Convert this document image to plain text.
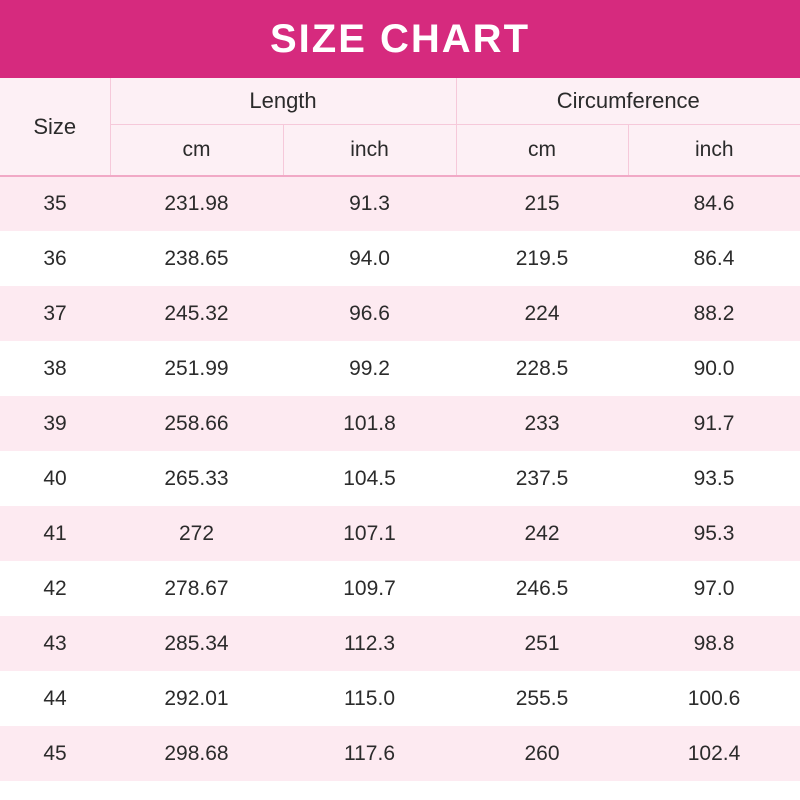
SIZE CHART
Size	Length		Circumference	
	cm	inch	cm	inch
35	231.98	91.3	215	84.6
36	238.65	94.0	219.5	86.4
37	245.32	96.6	224	88.2
38	251.99	99.2	228.5	90.0
39	258.66	101.8	233	91.7
40	265.33	104.5	237.5	93.5
41	272	107.1	242	95.3
42	278.67	109.7	246.5	97.0
43	285.34	112.3	251	98.8
44	292.01	115.0	255.5	100.6
45	298.68	117.6	260	102.4
